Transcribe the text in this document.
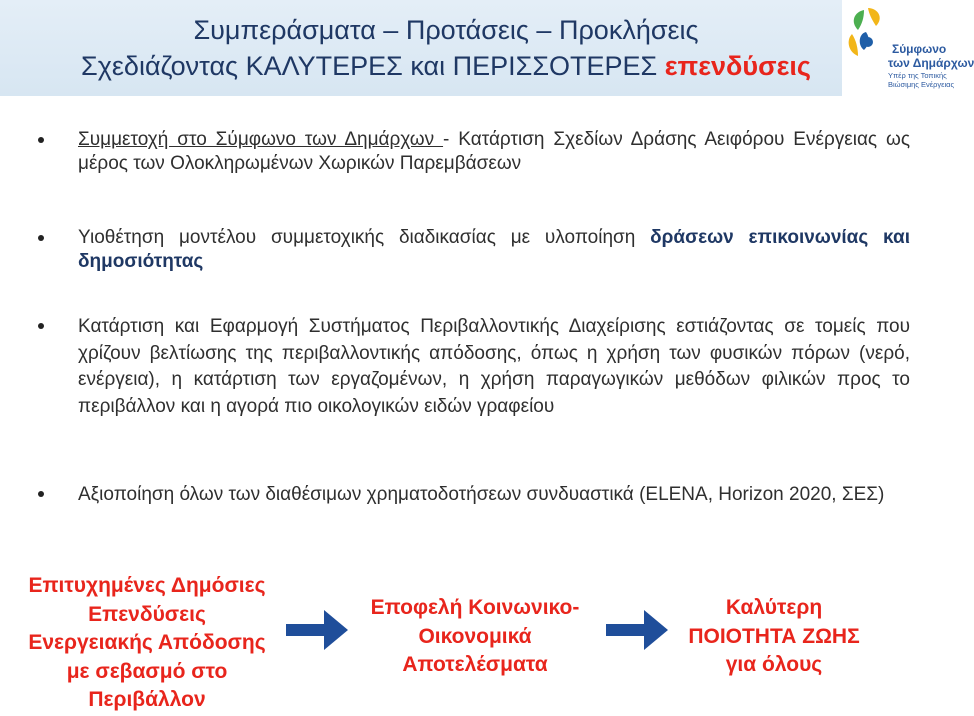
Συμπεράσματα – Προτάσεις – Προκλήσεις
Σχεδιάζοντας ΚΑΛΥΤΕΡΕΣ και ΠΕΡΙΣΣΟΤΕΡΕΣ επενδύσεις
Σύμφωνο
των Δημάρχων
Υπέρ της Τοπικής
Βιώσιμης Ενέργειας
Συμμετοχή στο Σύμφωνο των Δημάρχων - Κατάρτιση Σχεδίων Δράσης Αειφόρου Ενέργειας ως μέρος των Ολοκληρωμένων Χωρικών Παρεμβάσεων
Υιοθέτηση μοντέλου συμμετοχικής διαδικασίας με υλοποίηση δράσεων επικοινωνίας και δημοσιότητας
Κατάρτιση και Εφαρμογή Συστήματος Περιβαλλοντικής Διαχείρισης εστιάζοντας σε τομείς που χρίζουν βελτίωσης της περιβαλλοντικής απόδοσης, όπως η χρήση των φυσικών πόρων (νερό, ενέργεια), η κατάρτιση των εργαζομένων, η χρήση παραγωγικών μεθόδων φιλικών προς το περιβάλλον και η αγορά πιο οικολογικών ειδών γραφείου
Αξιοποίηση όλων των διαθέσιμων χρηματοδοτήσεων συνδυαστικά (ELENA, Horizon 2020, ΣΕΣ)
Επιτυχημένες Δημόσιες
Επενδύσεις
Ενεργειακής Απόδοσης
με σεβασμό στο
Περιβάλλον
Εποφελή Κοινωνικο-
Οικονομικά
Αποτελέσματα
Καλύτερη
ΠΟΙΟΤΗΤΑ ΖΩΗΣ
για όλους
